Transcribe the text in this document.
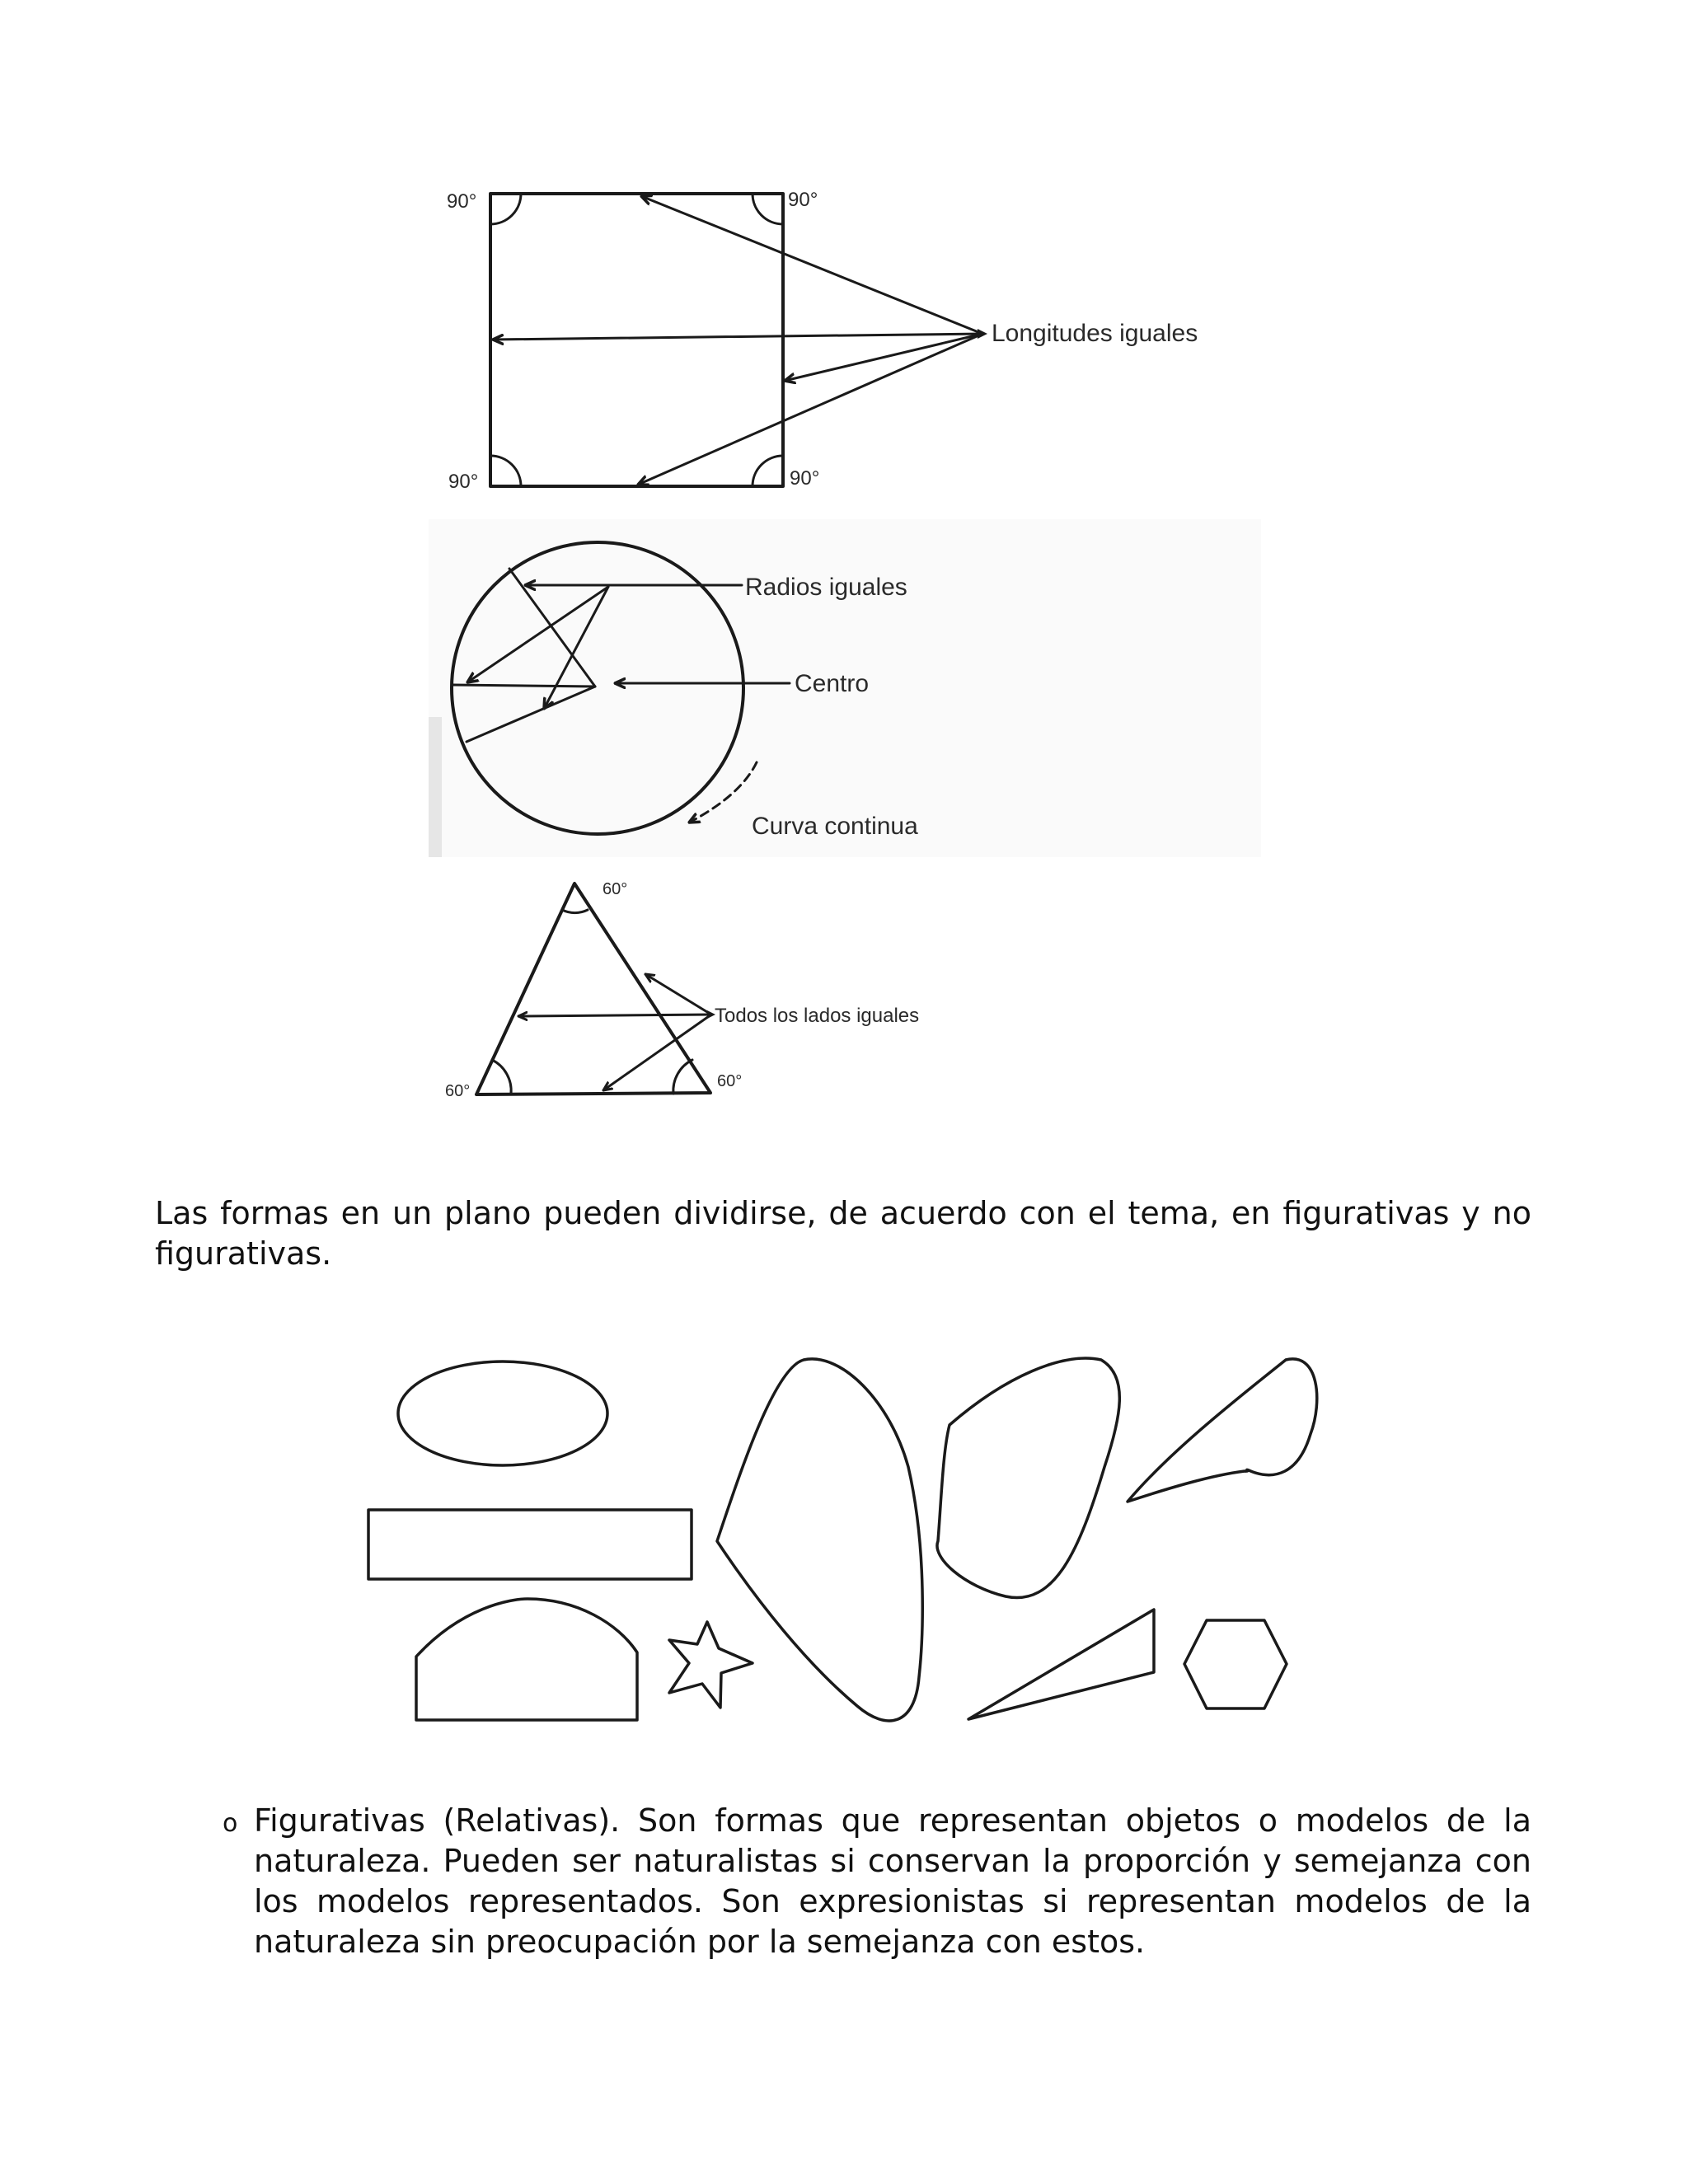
90°	90°
90°	90°
Longitudes iguales
Radios iguales
Centro
Curva continua
60°
60°
60°
Todos los lados iguales

Las formas en un plano pueden dividirse, de acuerdo con el tema, en figurativas y no figurativas.

o Figurativas (Relativas). Son formas que representan objetos o modelos de la naturaleza. Pueden ser naturalistas si conservan la proporción y semejanza con los modelos representados. Son expresionistas si representan modelos de la naturaleza sin preocupación por la semejanza con estos.
